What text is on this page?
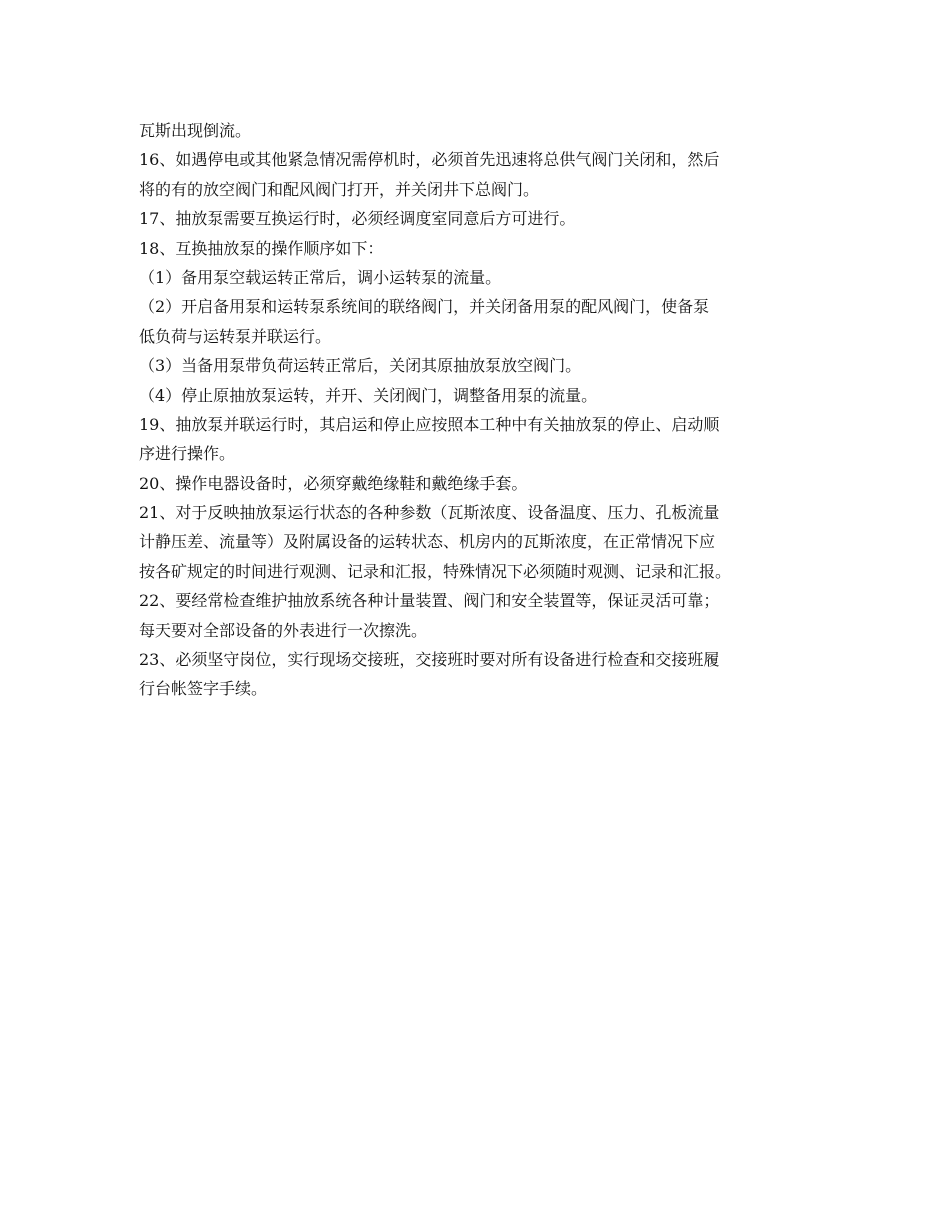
瓦斯出现倒流。

16、如遇停电或其他紧急情况需停机时，必须首先迅速将总供气阀门关闭和，然后

将的有的放空阀门和配风阀门打开，并关闭井下总阀门。

17、抽放泵需要互换运行时，必须经调度室同意后方可进行。

18、互换抽放泵的操作顺序如下：

（1）备用泵空载运转正常后，调小运转泵的流量。

（2）开启备用泵和运转泵系统间的联络阀门，并关闭备用泵的配风阀门，使备泵

低负荷与运转泵并联运行。

（3）当备用泵带负荷运转正常后，关闭其原抽放泵放空阀门。

（4）停止原抽放泵运转，并开、关闭阀门，调整备用泵的流量。

19、抽放泵并联运行时，其启运和停止应按照本工种中有关抽放泵的停止、启动顺

序进行操作。

20、操作电器设备时，必须穿戴绝缘鞋和戴绝缘手套。

21、对于反映抽放泵运行状态的各种参数（瓦斯浓度、设备温度、压力、孔板流量

计静压差、流量等）及附属设备的运转状态、机房内的瓦斯浓度，在正常情况下应

按各矿规定的时间进行观测、记录和汇报，特殊情况下必须随时观测、记录和汇报。

22、要经常检查维护抽放系统各种计量装置、阀门和安全装置等，保证灵活可靠；

每天要对全部设备的外表进行一次擦洗。

23、必须坚守岗位，实行现场交接班，交接班时要对所有设备进行检查和交接班履

行台帐签字手续。
